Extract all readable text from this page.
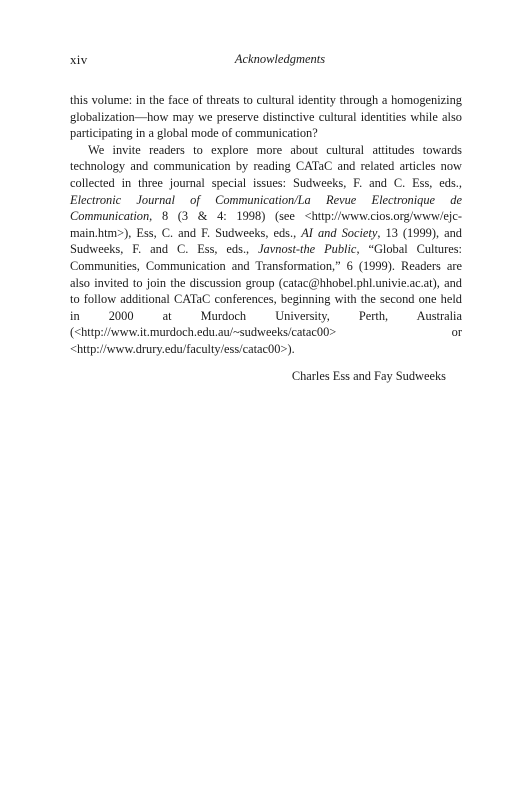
xiv	Acknowledgments

this volume: in the face of threats to cultural identity through a homogenizing globalization—how may we preserve distinctive cultural identities while also participating in a global mode of communication?

We invite readers to explore more about cultural attitudes towards technology and communication by reading CATaC and related articles now collected in three journal special issues: Sudweeks, F. and C. Ess, eds., Electronic Journal of Communication/La Revue Electronique de Communication, 8 (3 & 4: 1998) (see <http://www.cios.org/www/ejcmain.htm>), Ess, C. and F. Sudweeks, eds., AI and Society, 13 (1999), and Sudweeks, F. and C. Ess, eds., Javnost-the Public, “Global Cultures: Communities, Communication and Transformation,” 6 (1999). Readers are also invited to join the discussion group (catac@hhobel.​phl.univie.ac.at), and to follow additional CATaC conferences, beginning with the second one held in 2000 at Murdoch University, Perth, Australia (<http://www.it.murdoch.edu.au/~sudweeks/catac00> or <http://www.drury.edu/faculty/ess/catac00>).

Charles Ess and Fay Sudweeks
